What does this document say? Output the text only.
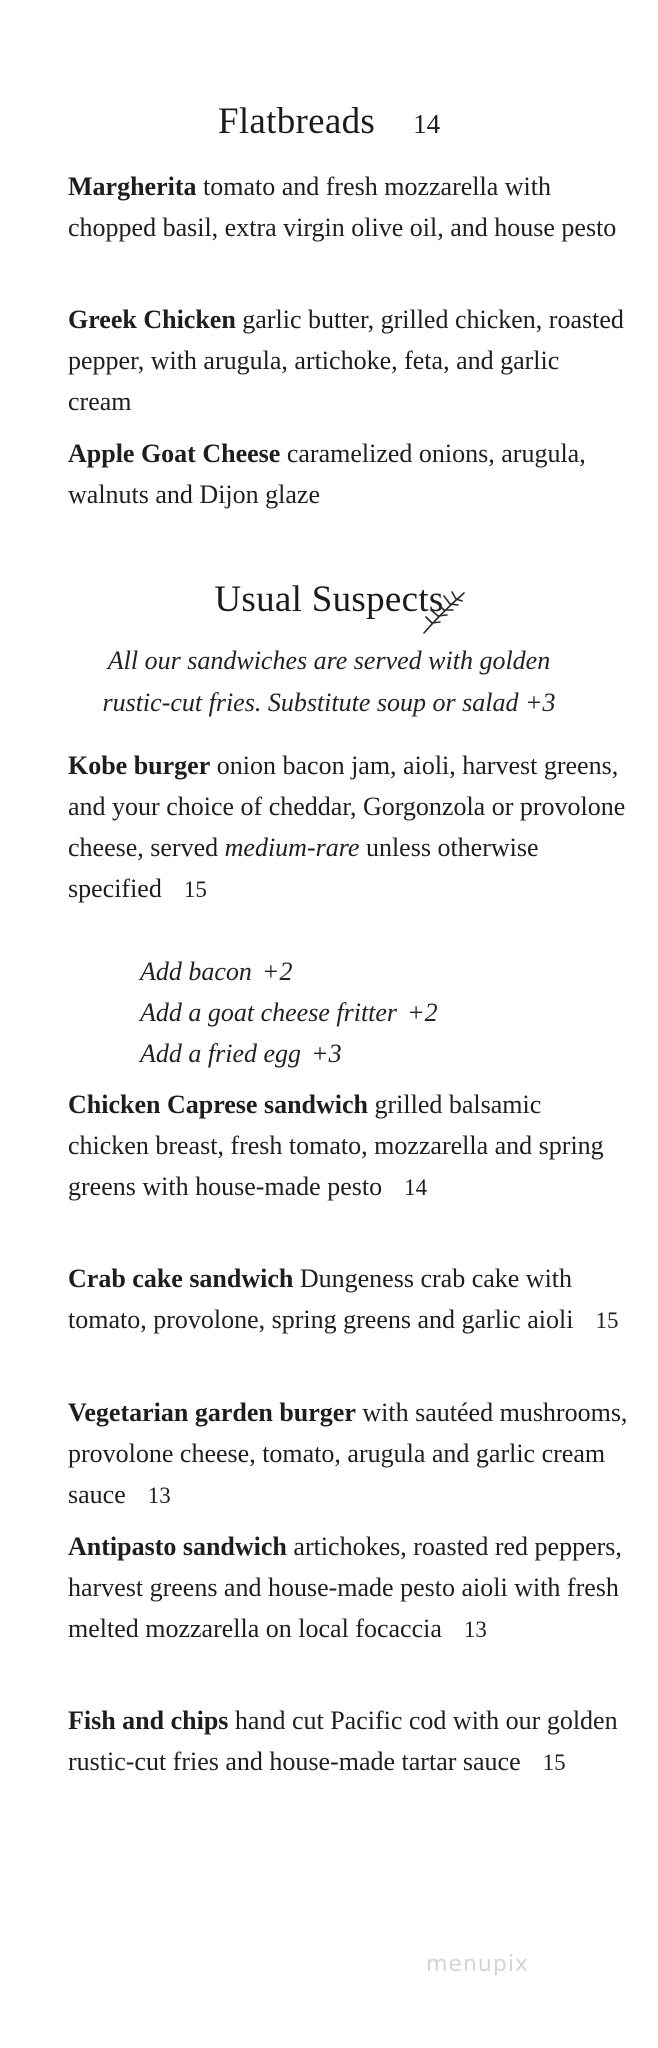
Flatbreads 14
Margherita tomato and fresh mozzarella with chopped basil, extra virgin olive oil, and house pesto
Greek Chicken garlic butter, grilled chicken, roasted pepper, with arugula, artichoke, feta, and garlic cream
Apple Goat Cheese caramelized onions, arugula, walnuts and Dijon glaze
Usual Suspects
All our sandwiches are served with golden
rustic-cut fries. Substitute soup or salad +3
Kobe burger onion bacon jam, aioli, harvest greens, and your choice of cheddar, Gorgonzola or provolone cheese, served medium-rare unless otherwise specified 15
Add bacon +2
Add a goat cheese fritter +2
Add a fried egg +3
Chicken Caprese sandwich grilled balsamic chicken breast, fresh tomato, mozzarella and spring greens with house-made pesto 14
Crab cake sandwich Dungeness crab cake with tomato, provolone, spring greens and garlic aioli 15
Vegetarian garden burger with sautéed mushrooms, provolone cheese, tomato, arugula and garlic cream sauce 13
Antipasto sandwich artichokes, roasted red peppers, harvest greens and house-made pesto aioli with fresh melted mozzarella on local focaccia 13
Fish and chips hand cut Pacific cod with our golden rustic-cut fries and house-made tartar sauce 15
menupix
